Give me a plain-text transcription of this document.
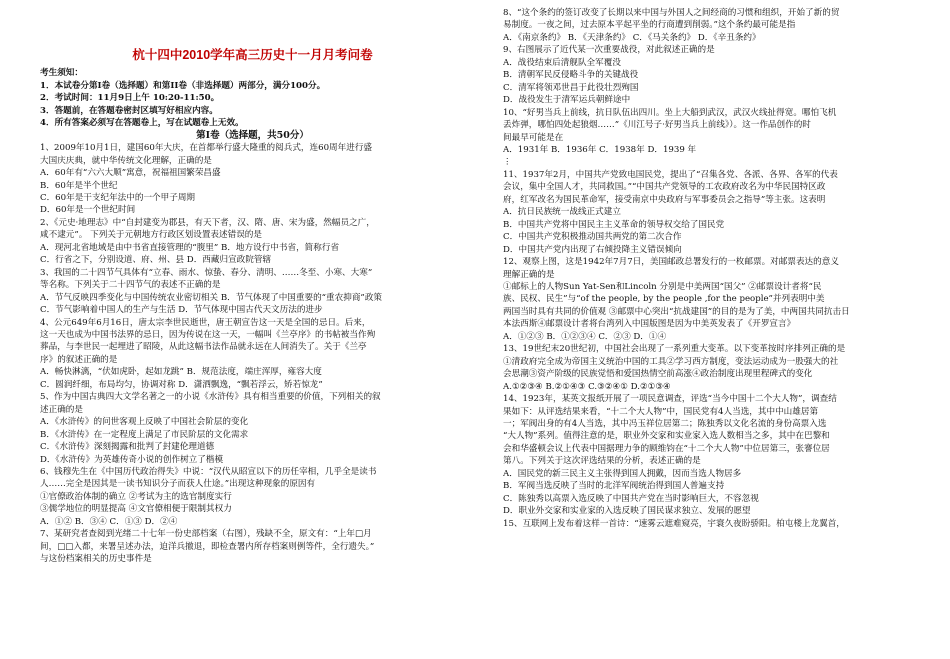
杭十四中2010学年高三历史十一月月考问卷
考生须知：
1．本试卷分第Ⅰ卷（选择题）和第II卷（非选择题）两部分，满分100分。
2．考试时间：11月9日上午 10:20-11:50。
3．答题前，在答题卷密封区填写好相应内容。
4．所有答案必须写在答题卷上，写在试题卷上无效。
第Ⅰ卷（选择题，共50分）
1、2009年10月1日，建国60年大庆，在首都举行盛大隆重的阅兵式，连60周年进行盛
大国庆庆典，就中华传统文化理解，正确的是
A．60年有“六六大顺”寓意，祝福祖国繁荣昌盛
B．60年是半个世纪
C．60年是干支纪年法中的一个甲子周期
D．60年是一个世纪时间
2、《元史·地理志》中“自封建变为郡县，有天下者，汉、隋、唐、宋为盛，然幅员之广，
咸不逮元”。 下列关于元朝地方行政区划设置表述错误的是
A．现河北省地域是由中书省直接管理的“腹里” B．地方设行中书省，简称行省
C．行省之下，分别设道、府、州、县 D．西藏归宣政院管辖
3、我国的二十四节气具体有“立春、雨水、惊蛰、春分、清明、……冬至、小寒、大寒”
等名称。下列关于二十四节气的表述不正确的是
A．节气反映四季变化与中国传统农业密切相关 B．节气体现了中国重要的“重农抑商”政策
C．节气影响着中国人的生产与生活 D．节气体现中国古代天文历法的进步
4、公元649年6月16日，唐太宗李世民逝世，唐王朝宣告这一天是全国的忌日。后来，
这一天也成为中国书法界的忌日，因为传说在这一天，一幅叫《兰亭序》的书帖被当作殉
葬品，与李世民一起埋进了昭陵，从此这幅书法作品就永远在人间消失了。关于《兰亭
序》的叙述正确的是
A．畅快淋漓，“伏如虎卧，起如龙跳” B．规范法度，端庄浑厚，雍容大度
C．圆润纤细，布局均匀，协调对称 D．潇洒飘逸，“飘若浮云，矫若惊龙”
5、作为中国古典四大文学名著之一的小说《水浒传》具有相当重要的价值，下列相关的叙
述正确的是
A．《水浒传》的问世客观上反映了中国社会阶层的变化
B．《水浒传》在一定程度上满足了市民阶层的文化需求
C．《水浒传》深刻揭露和批判了封建伦理道德
D．《水浒传》为英雄传奇小说的创作树立了楷模
6、钱穆先生在《中国历代政治得失》中说：“汉代从昭宣以下的历任宰相，几乎全是读书
人……完全是因其是一读书知识分子而获人仕途。”出现这种现象的原因有
①官僚政治体制的确立 ②考试为主的选官制度实行
③儒学地位的明显提高 ④文官僚相便于限制其权力
A．①② B．③④ C．①③ D．②④
7、某研究者查阅到光绪二十七年一份史部档案（右图），残缺不全，原文有：“上年□月
间，□□入都，来署呈述办法，迫洋兵撤退，即检查署内所存档案则例等件，全行遗失。”
与这份档案相关的历史事件是
8、“这个条约的签订改变了长期以来中国与外国人之间经商的习惯和组织，开始了新的贸
易制度。一夜之间，过去原本平起平坐的行商遭到削弱。”这个条约最可能是指
A．《南京条约》 B．《天津条约》 C．《马关条约》 D．《辛丑条约》
9、右图展示了近代某一次重要战役，对此叙述正确的是
A．战役结束后清舰队全军覆没
B．清朝军民反侵略斗争的关键战役
C．清军将领邓世昌于此役壮烈殉国
D．战役发生于清军运兵朝鲜途中
10、“好男当兵上前线，抗日队伍出四川。坐上大船到武汉，武汉火线扯得宽。哪怕飞机
丢炸弹，哪怕四处起狼烟……”《川江号子·好男当兵上前线》）。这一作品创作的时
间最早可能是在
A．1931年 B．1936年 C．1938年 D．1939 年
⋮
11、1937年2月，中国共产党致电国民党，提出了“召集各党、各派、各界、各军的代表
会议，集中全国人才，共同救国。”“中国共产党领导的工农政府改名为中华民国特区政
府，红军改名为国民革命军，接受南京中央政府与军事委员会之指导”等主张。这表明
A．抗日民族统一战线正式建立
B．中国共产党将中国民主主义革命的领导权交给了国民党
C．中国共产党积极推动国共两党的第二次合作
D．中国共产党内出现了右倾投降主义错误倾向
12、观察上图，这是1942年7月7日，美国邮政总署发行的一枚邮票。对邮票表达的意义
理解正确的是
①邮标上的人物Sun Yat-Sen和Lincoln 分别是中美两国“国父” ②邮票设计者将“民
族、民权、民生”与“of the people, by the people ,for the people”并列表明中美
两国当时具有共同的价值观 ③邮票中心突出“抗战建国”的目的是为了美，中两国共同抗击日
本法西斯④邮票设计者将台湾列入中国版图是因为中美英发表了《开罗宣言》
A．①②③ B．①②③④ C．②③ D．①④
13、19世纪末20世纪初，中国社会出现了一系列重大变革。以下变革按时序排列正确的是
①清政府完全成为帝国主义统治中国的工具②学习西方制度，变法运动成为一股强大的社
会思潮③资产阶级的民族觉悟和爱国热情空前高涨④政治制度出现里程碑式的变化
A.①②③④ B.②①④③ C.③②④① D.②①③④
14、1923年，某英文报纸开展了一项民意调查，评选“当今中国十二个大人物”，调查结
果如下：从评选结果来看，“十二个大人物”中，国民党有4人当选，其中中山雄居第
一；军阀出身的有4人当选，其中冯玉祥位居第二；陈独秀以文化名流的身份高票入选
“大人物”系列。值得注意的是，职业外交家和实业家入选人数相当之多，其中在巴黎和
会和华盛顿会议上代表中国据理力争的顾维钧在“十二个大人物”中位居第三，张謇位居
第八。下列关于这次评选结果的分析，表述正确的是
A．国民党的新三民主义主张得到国人拥戴，因而当选人物居多
B．军阀当选反映了当时的北洋军阀统治得到国人普遍支持
C．陈独秀以高票入选反映了中国共产党在当时影响巨大，不容忽视
D．职业外交家和实业家的入选反映了国民谋求独立、发展的愿望
15、互联网上发布着这样一首诗：“速雾云遮难窥亮，宇寰久夜盼骄阳。柏屯楼上龙翼首，
